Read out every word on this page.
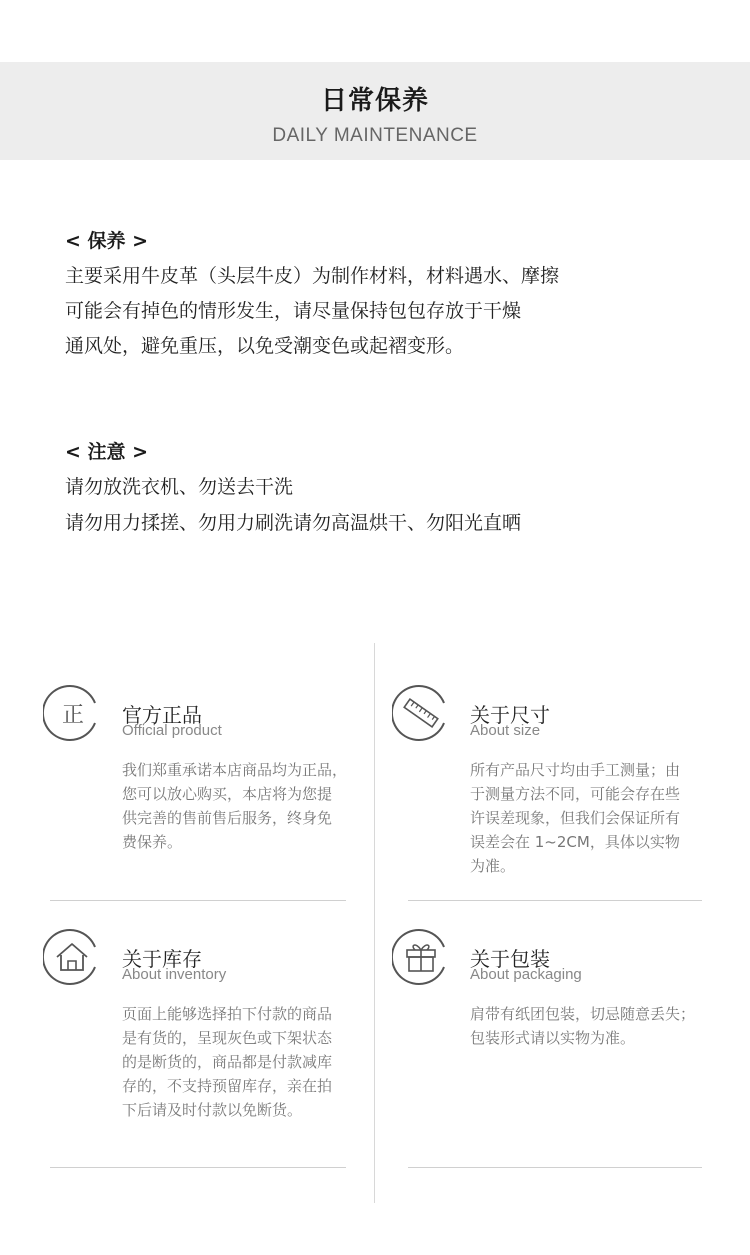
日常保养
DAILY MAINTENANCE
< 保养 >
主要采用牛皮革（头层牛皮）为制作材料，材料遇水、摩擦
可能会有掉色的情形发生，请尽量保持包包存放于干燥
通风处，避免重压，以免受潮变色或起褶变形。
< 注意 >
请勿放洗衣机、勿送去干洗
请勿用力揉搓、勿用力刷洗请勿高温烘干、勿阳光直晒
正 官方正品
Official product
我们郑重承诺本店商品均为正品，
您可以放心购买，本店将为您提
供完善的售前售后服务，终身免
费保养。
关于尺寸
About size
所有产品尺寸均由手工测量；由
于测量方法不同，可能会存在些
许误差现象，但我们会保证所有
误差会在 1~2CM，具体以实物
为准。
关于库存
About inventory
页面上能够选择拍下付款的商品
是有货的，呈现灰色或下架状态
的是断货的，商品都是付款减库
存的，不支持预留库存，亲在拍
下后请及时付款以免断货。
关于包装
About packaging
肩带有纸团包装，切忌随意丢失；
包装形式请以实物为准。
